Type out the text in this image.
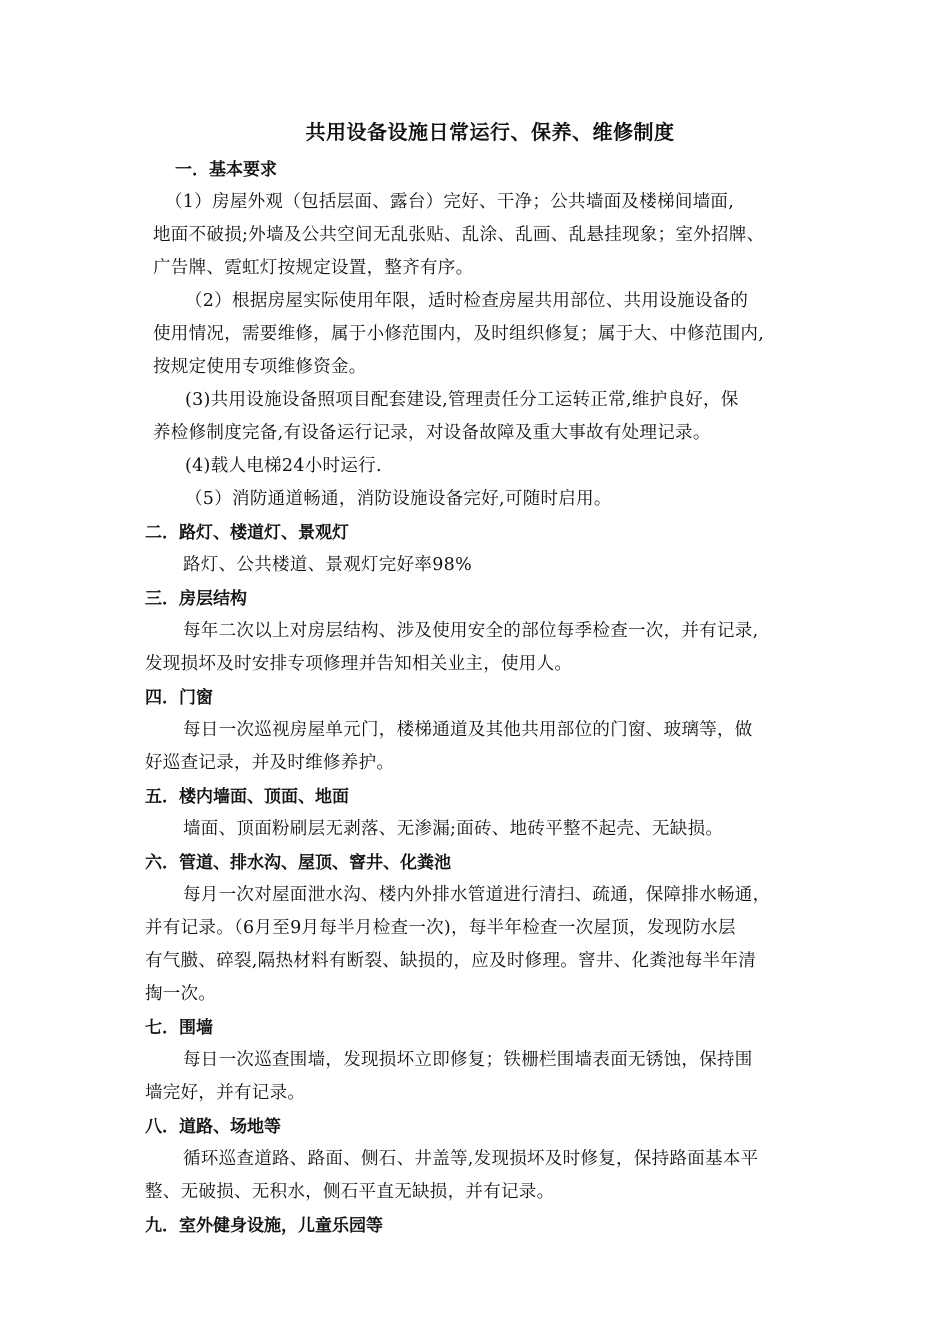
共用设备设施日常运行、保养、维修制度
一．基本要求
（1）房屋外观（包括层面、露台）完好、干净；公共墙面及楼梯间墙面,
地面不破损;外墙及公共空间无乱张贴、乱涂、乱画、乱悬挂现象；室外招牌、
广告牌、霓虹灯按规定设置，整齐有序。
（2）根据房屋实际使用年限，适时检查房屋共用部位、共用设施设备的
使用情况，需要维修，属于小修范围内，及时组织修复；属于大、中修范围内,
按规定使用专项维修资金。
(3)共用设施设备照项目配套建设,管理责任分工运转正常,维护良好，保
养检修制度完备,有设备运行记录，对设备故障及重大事故有处理记录。
(4)载人电梯24小时运行.
（5）消防通道畅通，消防设施设备完好,可随时启用。
二．路灯、楼道灯、景观灯
路灯、公共楼道、景观灯完好率98%
三．房层结构
每年二次以上对房层结构、涉及使用安全的部位每季检查一次，并有记录,
发现损坏及时安排专项修理并告知相关业主，使用人。
四．门窗
每日一次巡视房屋单元门，楼梯通道及其他共用部位的门窗、玻璃等，做
好巡查记录，并及时维修养护。
五．楼内墙面、顶面、地面
墙面、顶面粉刷层无剥落、无渗漏;面砖、地砖平整不起壳、无缺损。
六．管道、排水沟、屋顶、窨井、化粪池
每月一次对屋面泄水沟、楼内外排水管道进行清扫、疏通，保障排水畅通，
并有记录。（6月至9月每半月检查一次)，每半年检查一次屋顶，发现防水层
有气臌、碎裂,隔热材料有断裂、缺损的，应及时修理。窨井、化粪池每半年清
掏一次。
七．围墙
每日一次巡查围墙，发现损坏立即修复；铁栅栏围墙表面无锈蚀，保持围
墙完好，并有记录。
八．道路、场地等
循环巡查道路、路面、侧石、井盖等,发现损坏及时修复，保持路面基本平
整、无破损、无积水，侧石平直无缺损，并有记录。
九．室外健身设施，儿童乐园等
